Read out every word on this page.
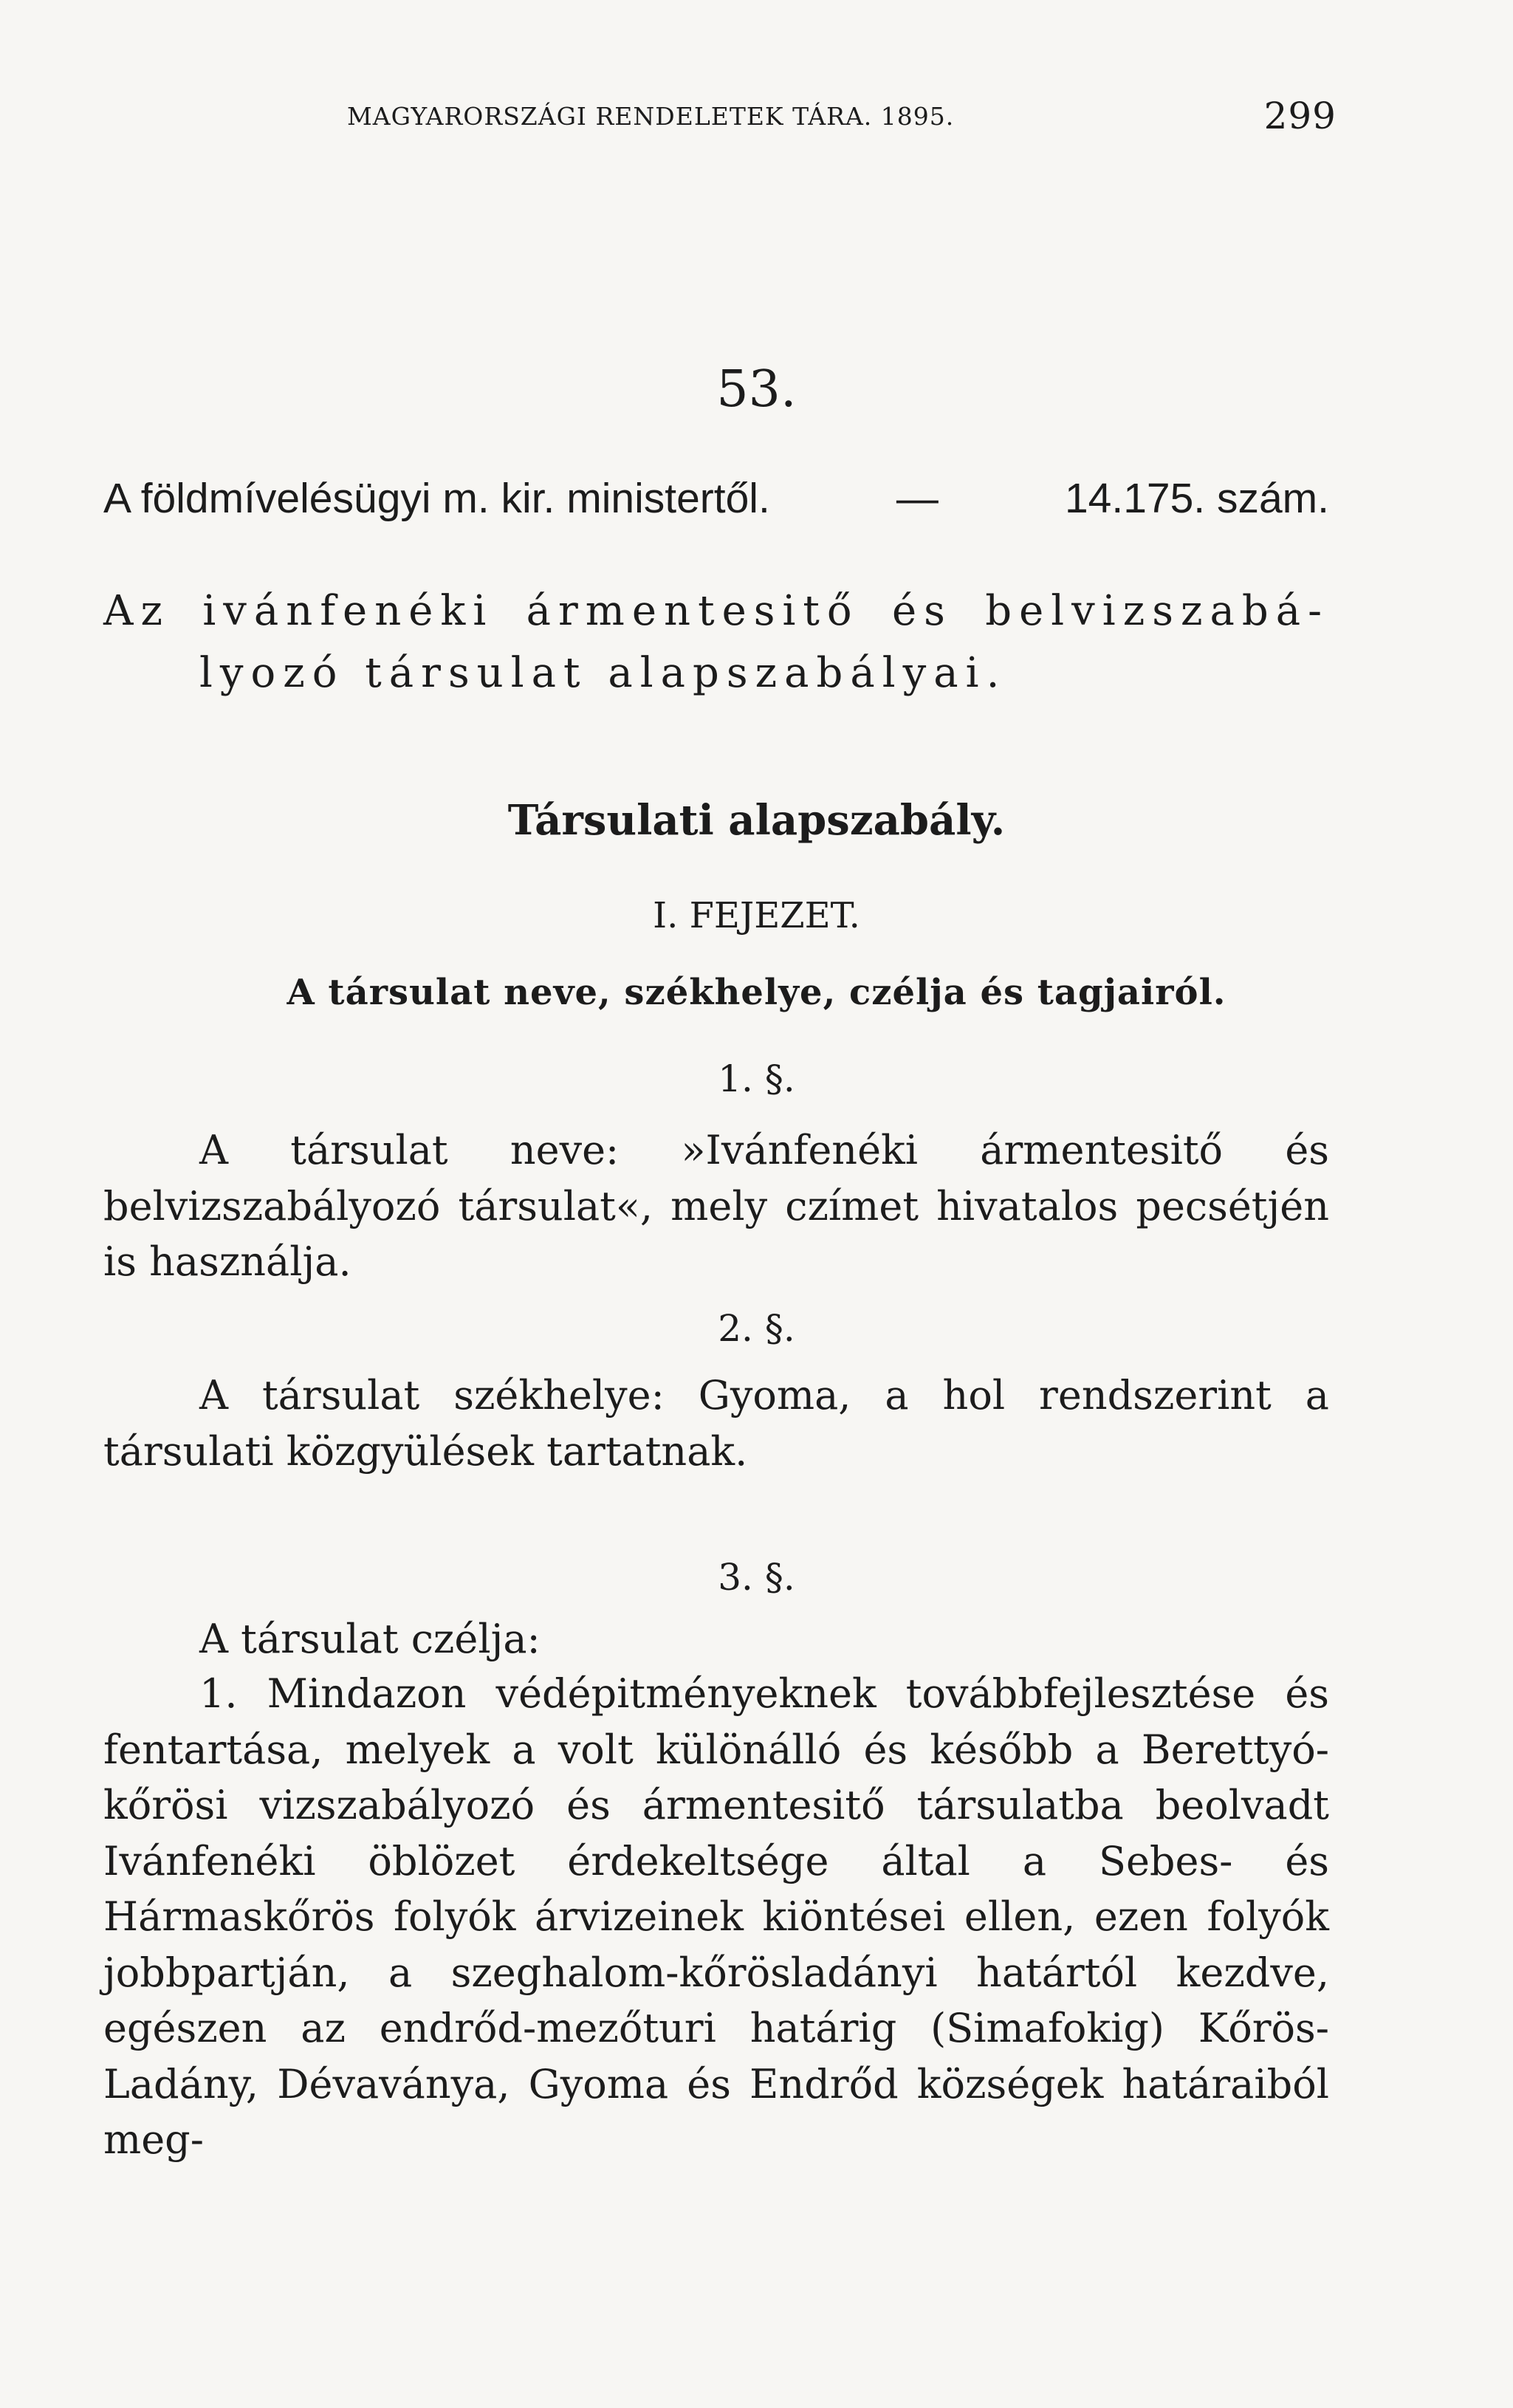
MAGYARORSZÁGI RENDELETEK TÁRA. 1895.	299
53.
A földmívelésügyi m. kir. ministertől.	—	14.175. szám.
Az ivánfenéki ármentesitő és belvizszabá-
lyozó társulat alapszabályai.
Társulati alapszabály.
I. FEJEZET.
A társulat neve, székhelye, czélja és tagjairól.
1. §.
A társulat neve: »Ivánfenéki ármentesitő és belvizszabályozó társulat«, mely czímet hivatalos pecsétjén is használja.
2. §.
A társulat székhelye: Gyoma, a hol rendszerint a társulati közgyülések tartatnak.
3. §.
A társulat czélja:
1. Mindazon védépitményeknek továbbfejlesztése és fentartása, melyek a volt különálló és később a Berettyó-kőrösi vizszabályozó és ármentesitő társulatba beolvadt Ivánfenéki öblözet érdekeltsége által a Sebes- és Hármaskőrös folyók árvizeinek kiöntései ellen, ezen folyók jobbpartján, a szeghalom-kőrösladányi határtól kezdve, egészen az endrőd-mezőturi határig (Simafokig) Kőrös-Ladány, Dévaványa, Gyoma és Endrőd községek határaiból meg-
